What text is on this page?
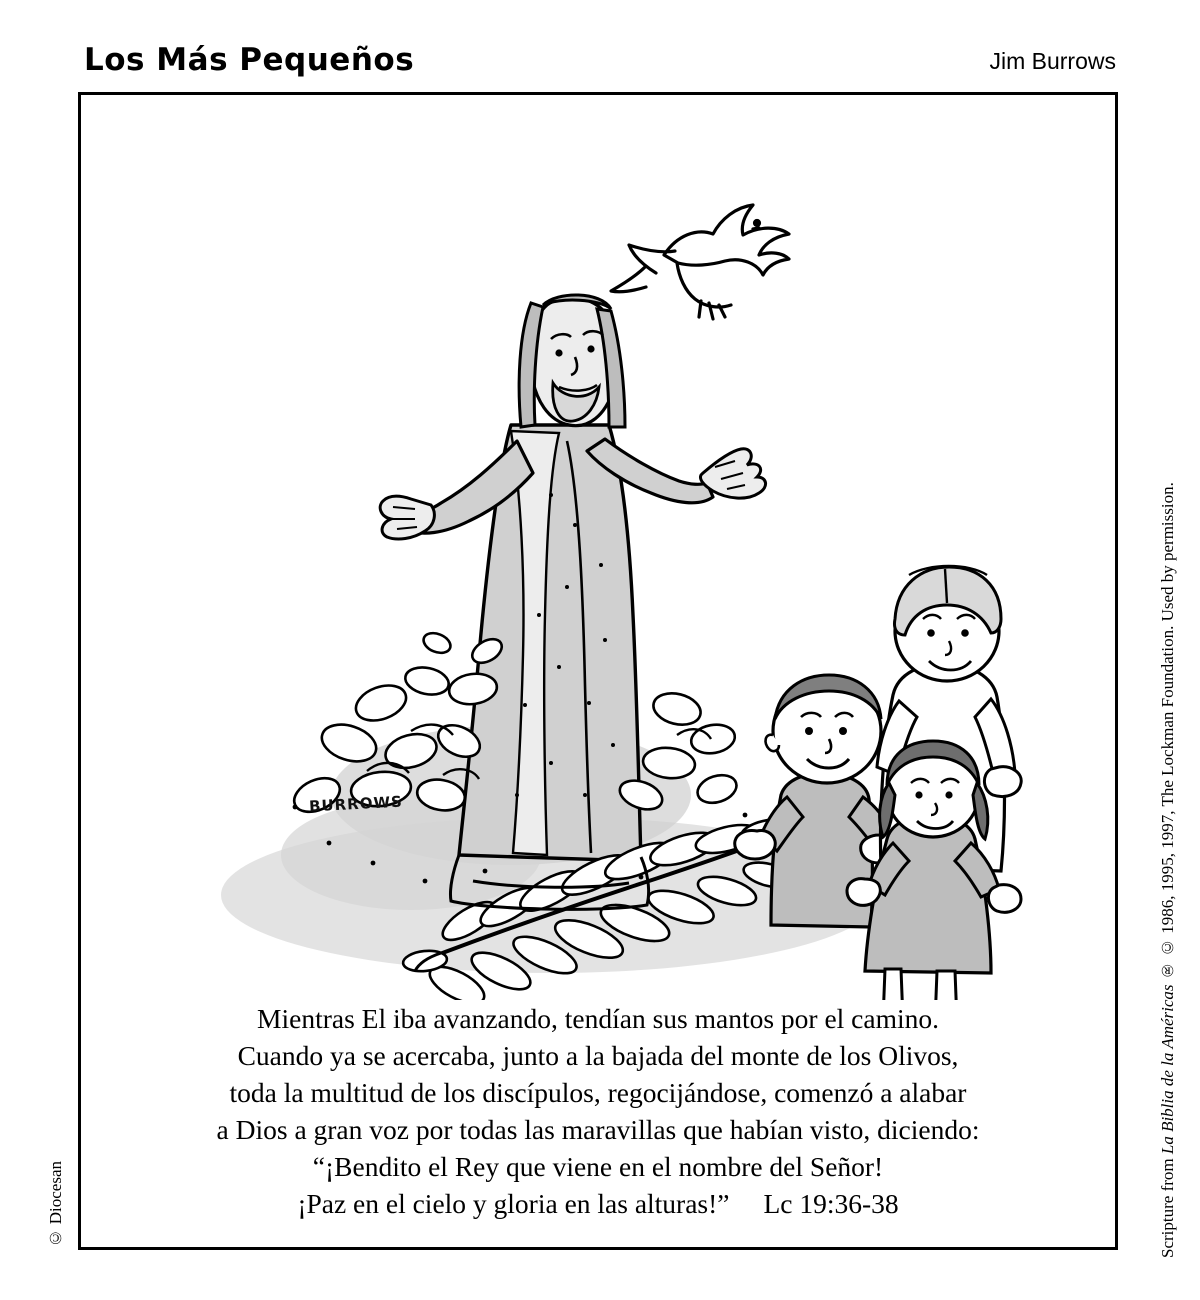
Los Más Pequeños	Jim Burrows
© Diocesan	Scripture from La Biblia de la Américas ® © 1986, 1995, 1997, The Lockman Foundation. Used by permission.
BURROWS
Mientras El iba avanzando, tendían sus mantos por el camino.
Cuando ya se acercaba, junto a la bajada del monte de los Olivos,
toda la multitud de los discípulos, regocijándose, comenzó a alabar
a Dios a gran voz por todas las maravillas que habían visto, diciendo:
“¡Bendito el Rey que viene en el nombre del Señor!
¡Paz en el cielo y gloria en las alturas!” Lc 19:36-38
